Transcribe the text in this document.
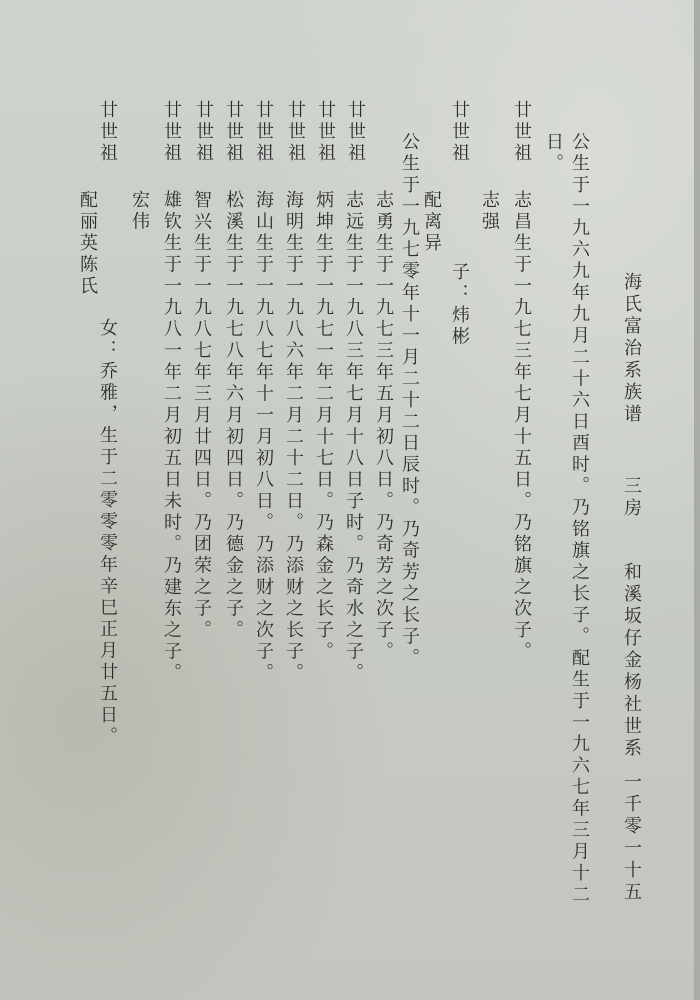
海氏富治系族谱
三房
和溪坂仔金杨社世系
一千零一十五
公生于一九六九年九月二十六日酉时。乃铭旗之长子。配生于一九六七年三月十二
日。
廿世祖
志昌生于一九七三年七月十五日。乃铭旗之次子。
志强
廿世祖
配离异
子：炜彬
公生于一九七零年十一月二十二日辰时。乃奇芳之长子。
廿世祖
志勇生于一九七三年五月初八日。乃奇芳之次子。
廿世祖
志远生于一九八三年七月十八日子时。乃奇水之子。
廿世祖
炳坤生于一九七一年二月十七日。乃森金之长子。
廿世祖
海明生于一九八六年二月二十二日。乃添财之长子。
廿世祖
海山生于一九八七年十一月初八日。乃添财之次子。
廿世祖
松溪生于一九七八年六月初四日。乃德金之子。
廿世祖
智兴生于一九八七年三月廿四日。乃团荣之子。
廿世祖
雄钦生于一九八一年二月初五日未时。乃建东之子。
宏伟
配丽英陈氏
女：乔雅，生于二零零零年辛巳正月廿五日。
